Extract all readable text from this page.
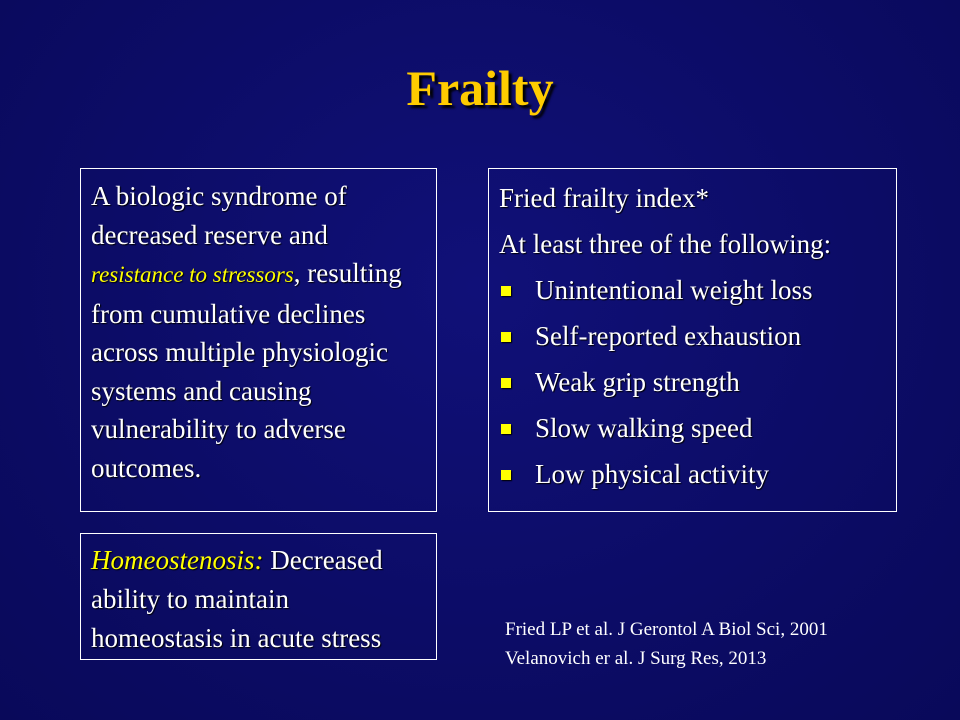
Frailty
A biologic syndrome of decreased reserve and resistance to stressors, resulting from cumulative declines across multiple physiologic systems and causing vulnerability to adverse outcomes.
Homeostenosis: Decreased ability to maintain homeostasis in acute stress
Fried frailty index*
At least three of the following:
Unintentional weight loss
Self-reported exhaustion
Weak grip strength
Slow walking speed
Low physical activity
Fried LP et al. J Gerontol A Biol Sci, 2001
Velanovich er al. J Surg Res, 2013
